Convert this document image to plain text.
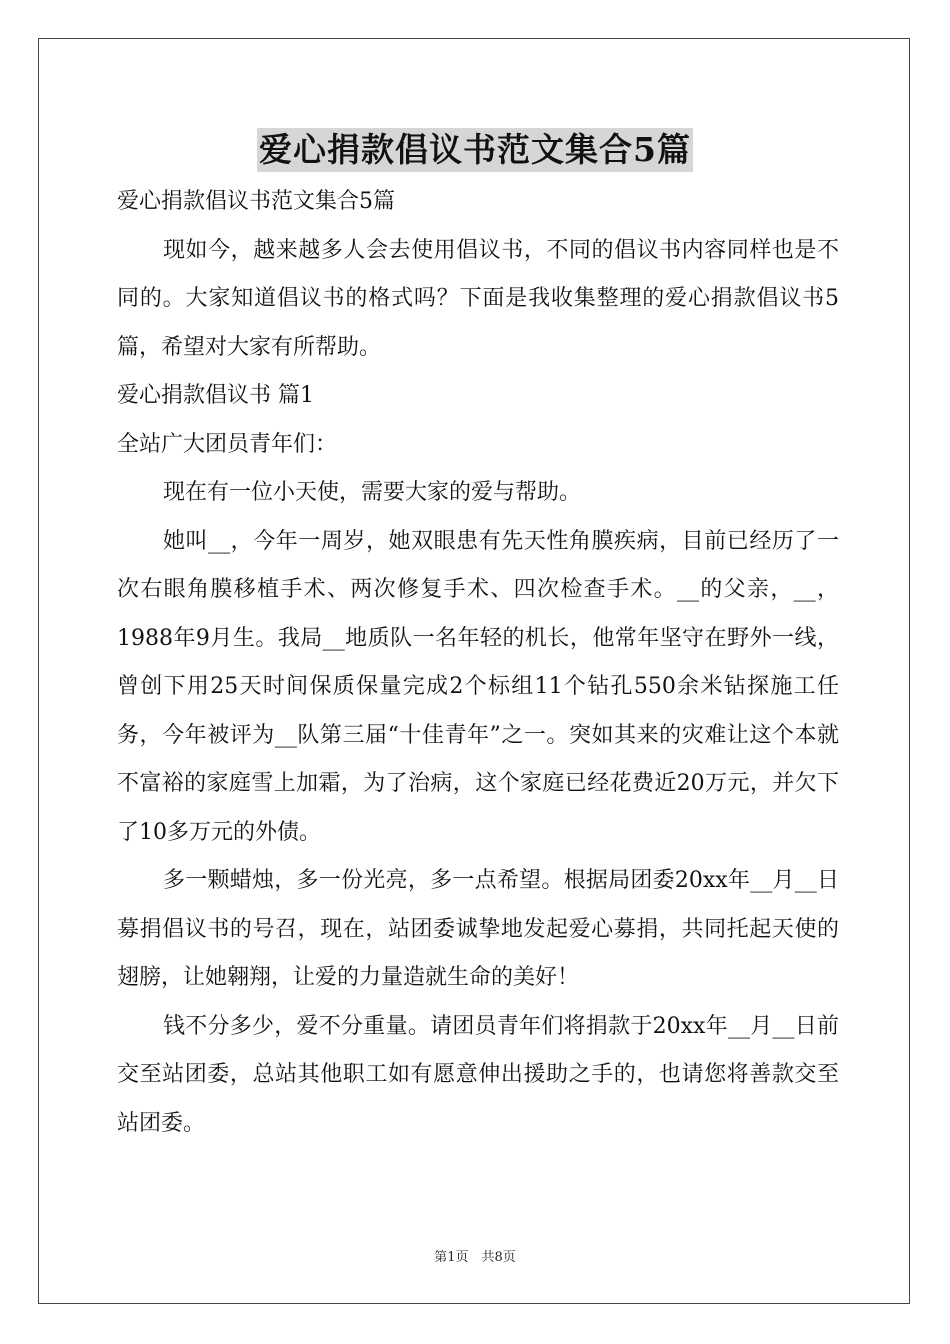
爱心捐款倡议书范文集合5篇

爱心捐款倡议书范文集合5篇

现如今，越来越多人会去使用倡议书，不同的倡议书内容同样也是不同的。大家知道倡议书的格式吗？下面是我收集整理的爱心捐款倡议书5篇，希望对大家有所帮助。

爱心捐款倡议书 篇1

全站广大团员青年们：

现在有一位小天使，需要大家的爱与帮助。

她叫__，今年一周岁，她双眼患有先天性角膜疾病，目前已经历了一次右眼角膜移植手术、两次修复手术、四次检查手术。__的父亲，__，1988年9月生。我局__地质队一名年轻的机长，他常年坚守在野外一线，曾创下用25天时间保质保量完成2个标组11个钻孔550余米钻探施工任务，今年被评为__队第三届“十佳青年”之一。突如其来的灾难让这个本就不富裕的家庭雪上加霜，为了治病，这个家庭已经花费近20万元，并欠下了10多万元的外债。

多一颗蜡烛，多一份光亮，多一点希望。根据局团委20xx年__月__日募捐倡议书的号召，现在，站团委诚挚地发起爱心募捐，共同托起天使的翅膀，让她翱翔，让爱的力量造就生命的美好！

钱不分多少，爱不分重量。请团员青年们将捐款于20xx年__月__日前交至站团委，总站其他职工如有愿意伸出援助之手的，也请您将善款交至站团委。

第1页　共8页
